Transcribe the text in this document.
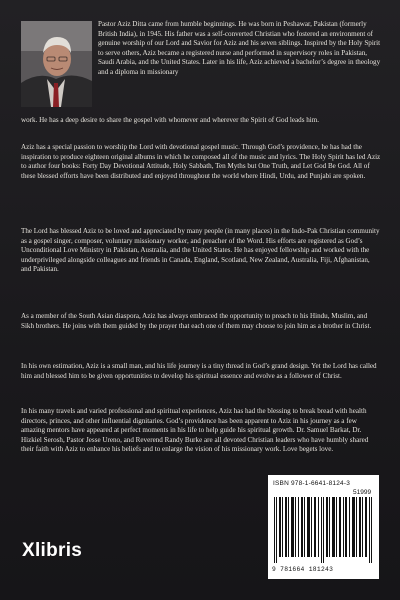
Pastor Aziz Ditta came from humble beginnings. He was born in Peshawar, Pakistan (formerly British India), in 1945. His father was a self-converted Christian who fostered an environment of genuine worship of our Lord and Savior for Aziz and his seven siblings. Inspired by the Holy Spirit to serve others, Aziz became a registered nurse and performed in supervisory roles in Pakistan, Saudi Arabia, and the United States. Later in his life, Aziz achieved a bachelor’s degree in theology and a diploma in missionary

work. He has a deep desire to share the gospel with whomever and wherever the Spirit of God leads him.

Aziz has a special passion to worship the Lord with devotional gospel music. Through God’s providence, he has had the inspiration to produce eighteen original albums in which he composed all of the music and lyrics. The Holy Spirit has led Aziz to author four books: Forty Day Devotional Attitude, Holy Sabbath, Ten Myths but One Truth, and Let God Be God. All of these blessed efforts have been distributed and enjoyed throughout the world where Hindi, Urdu, and Punjabi are spoken.

The Lord has blessed Aziz to be loved and appreciated by many people (in many places) in the Indo-Pak Christian community as a gospel singer, composer, voluntary missionary worker, and preacher of the Word. His efforts are registered as God’s Unconditional Love Ministry in Pakistan, Australia, and the United States. He has enjoyed fellowship and worked with the underprivileged alongside colleagues and friends in Canada, England, Scotland, New Zealand, Australia, Fiji, Afghanistan, and Pakistan.

As a member of the South Asian diaspora, Aziz has always embraced the opportunity to preach to his Hindu, Muslim, and Sikh brothers. He joins with them guided by the prayer that each one of them may choose to join him as a brother in Christ.

In his own estimation, Aziz is a small man, and his life journey is a tiny thread in God’s grand design. Yet the Lord has called him and blessed him to be given opportunities to develop his spiritual essence and evolve as a follower of Christ.

In his many travels and varied professional and spiritual experiences, Aziz has had the blessing to break bread with health directors, princes, and other influential dignitaries. God’s providence has been apparent to Aziz in his journey as a few amazing mentors have appeared at perfect moments in his life to help guide his spiritual growth. Dr. Samuel Barkat, Dr. Hizkiel Serosh, Pastor Jesse Ureno, and Reverend Randy Burke are all devoted Christian leaders who have humbly shared their faith with Aziz to enhance his beliefs and to enlarge the vision of his missionary work. Love begets love.

ISBN 978-1-6641-8124-3
51999
9 781664 181243
Xlibris
